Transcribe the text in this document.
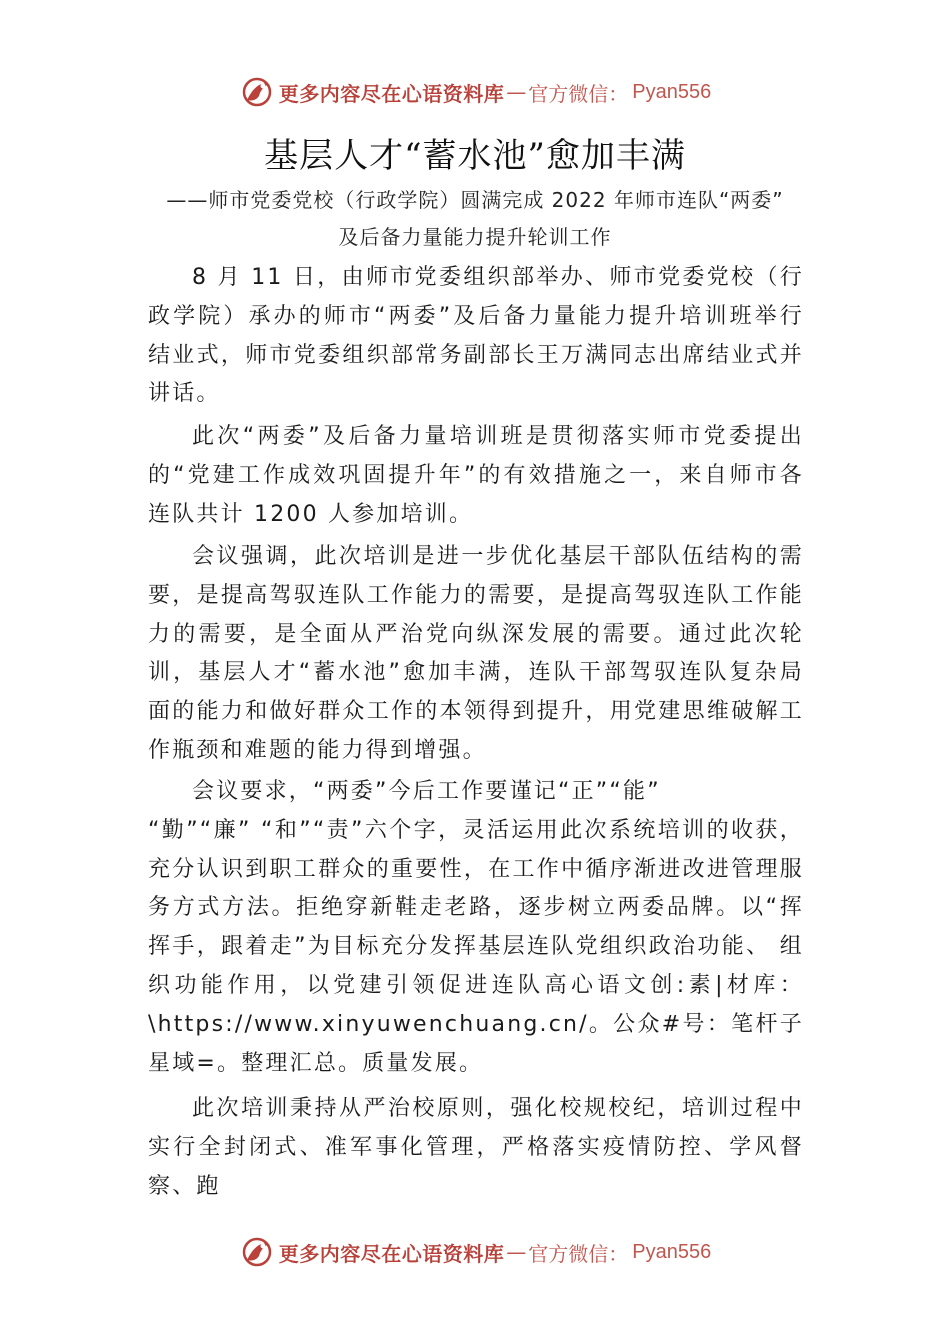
更多内容尽在心语资料库 — 官方微信： Pyan556
基层人才“蓄水池”愈加丰满
——师市党委党校（行政学院）圆满完成 2022 年师市连队“两委”
及后备力量能力提升轮训工作

8 月 11 日，由师市党委组织部举办、师市党委党校（行政学院）承办的师市“两委”及后备力量能力提升培训班举行结业式，师市党委组织部常务副部长王万满同志出席结业式并讲话。

此次“两委”及后备力量培训班是贯彻落实师市党委提出的“党建工作成效巩固提升年”的有效措施之一，来自师市各连队共计 1200 人参加培训。

会议强调，此次培训是进一步优化基层干部队伍结构的需要，是提高驾驭连队工作能力的需要，是提高驾驭连队工作能力的需要，是全面从严治党向纵深发展的需要。通过此次轮训，基层人才“蓄水池”愈加丰满，连队干部驾驭连队复杂局面的能力和做好群众工作的本领得到提升，用党建思维破解工作瓶颈和难题的能力得到增强。

会议要求，“两委”今后工作要谨记“正”“能”

“勤”“廉” “和”“责”六个字，灵活运用此次系统培训的收获，充分认识到职工群众的重要性，在工作中循序渐进改进管理服务方式方法。拒绝穿新鞋走老路，逐步树立两委品牌。以“挥挥手，跟着走”为目标充分发挥基层连队党组织政治功能、 组织功能作用，以党建引领促进连队高心语文创:素|材库：\https://www.xinyuwenchuang.cn/。公众#号：笔杆子星域=。整理汇总。质量发展。

此次培训秉持从严治校原则，强化校规校纪，培训过程中实行全封闭式、准军事化管理，严格落实疫情防控、学风督察、跑

更多内容尽在心语资料库 — 官方微信： Pyan556
